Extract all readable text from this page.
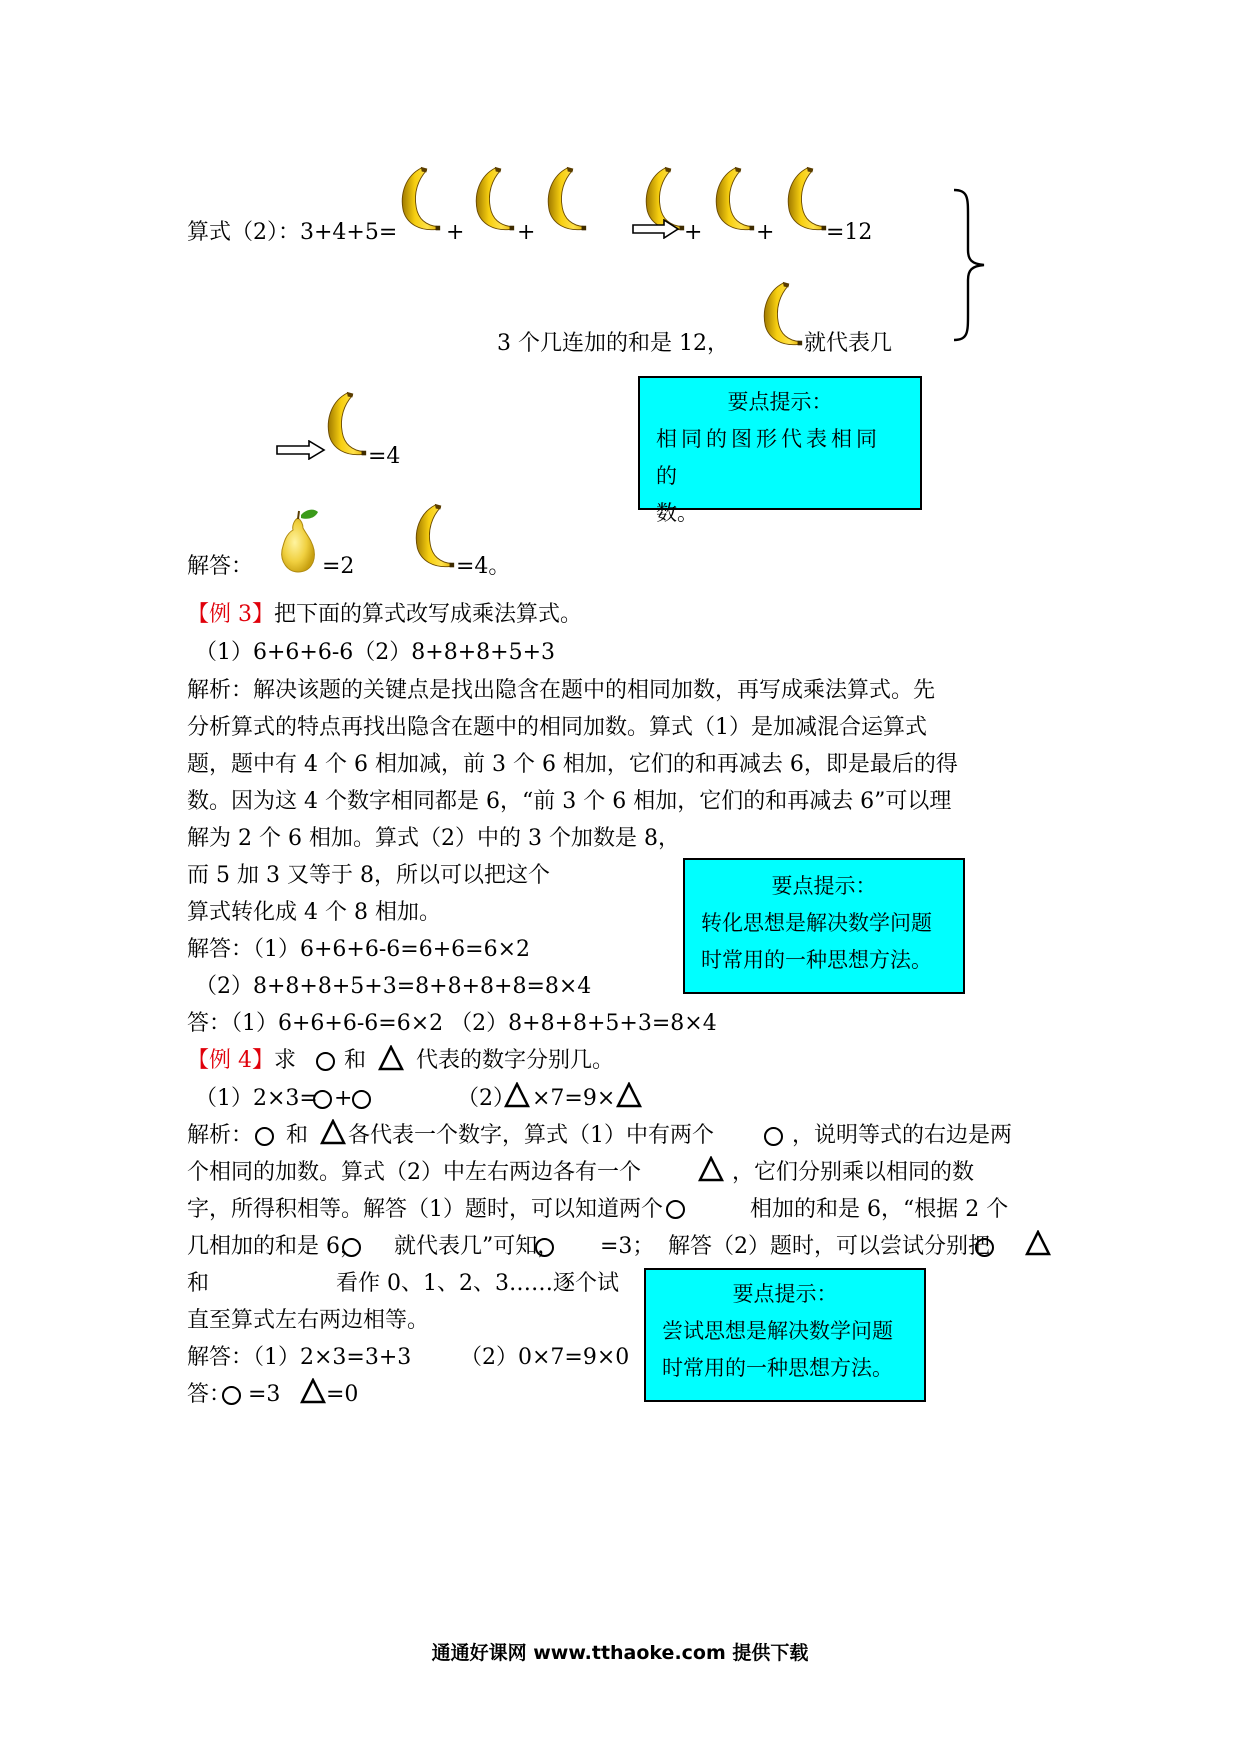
算式（2）：3+4+5= + +	+ + =12
3 个几连加的和是 12，	就代表几
要点提示：
相同的图形代表相同的
数。
=4
解答：	=2	=4。
【例 3】把下面的算式改写成乘法算式。
（1）6+6+6-6（2）8+8+8+5+3
解析：解决该题的关键点是找出隐含在题中的相同加数，再写成乘法算式。先
分析算式的特点再找出隐含在题中的相同加数。算式（1）是加减混合运算式
题，题中有 4 个 6 相加减，前 3 个 6 相加，它们的和再减去 6，即是最后的得
数。因为这 4 个数字相同都是 6，“前 3 个 6 相加，它们的和再减去 6”可以理
解为 2 个 6 相加。算式（2）中的 3 个加数是 8，
而 5 加 3 又等于 8，所以可以把这个
算式转化成 4 个 8 相加。
解答：（1）6+6+6-6=6+6=6×2
（2）8+8+8+5+3=8+8+8+8=8×4
答：（1）6+6+6-6=6×2 （2）8+8+8+5+3=8×4
要点提示：
转化思想是解决数学问题
时常用的一种思想方法。
【例 4】求 和 代表的数字分别几。
（1）2×3= +	（2） ×7=9×
解析： 和 各代表一个数字，算式（1）中有两个	，说明等式的右边是两
个相同的加数。算式（2）中左右两边各有一个	，它们分别乘以相同的数
字，所得积相等。解答（1）题时，可以知道两个	相加的和是 6，“根据 2 个
几相加的和是 6， 就代表几”可知， =3； 解答（2）题时，可以尝试分别把
和	看作 0、1、2、3……逐个试
直至算式左右两边相等。
要点提示：
尝试思想是解决数学问题
时常用的一种思想方法。
解答：（1）2×3=3+3 （2）0×7=9×0
答： =3 =0
通通好课网 www.tthaoke.com 提供下载
